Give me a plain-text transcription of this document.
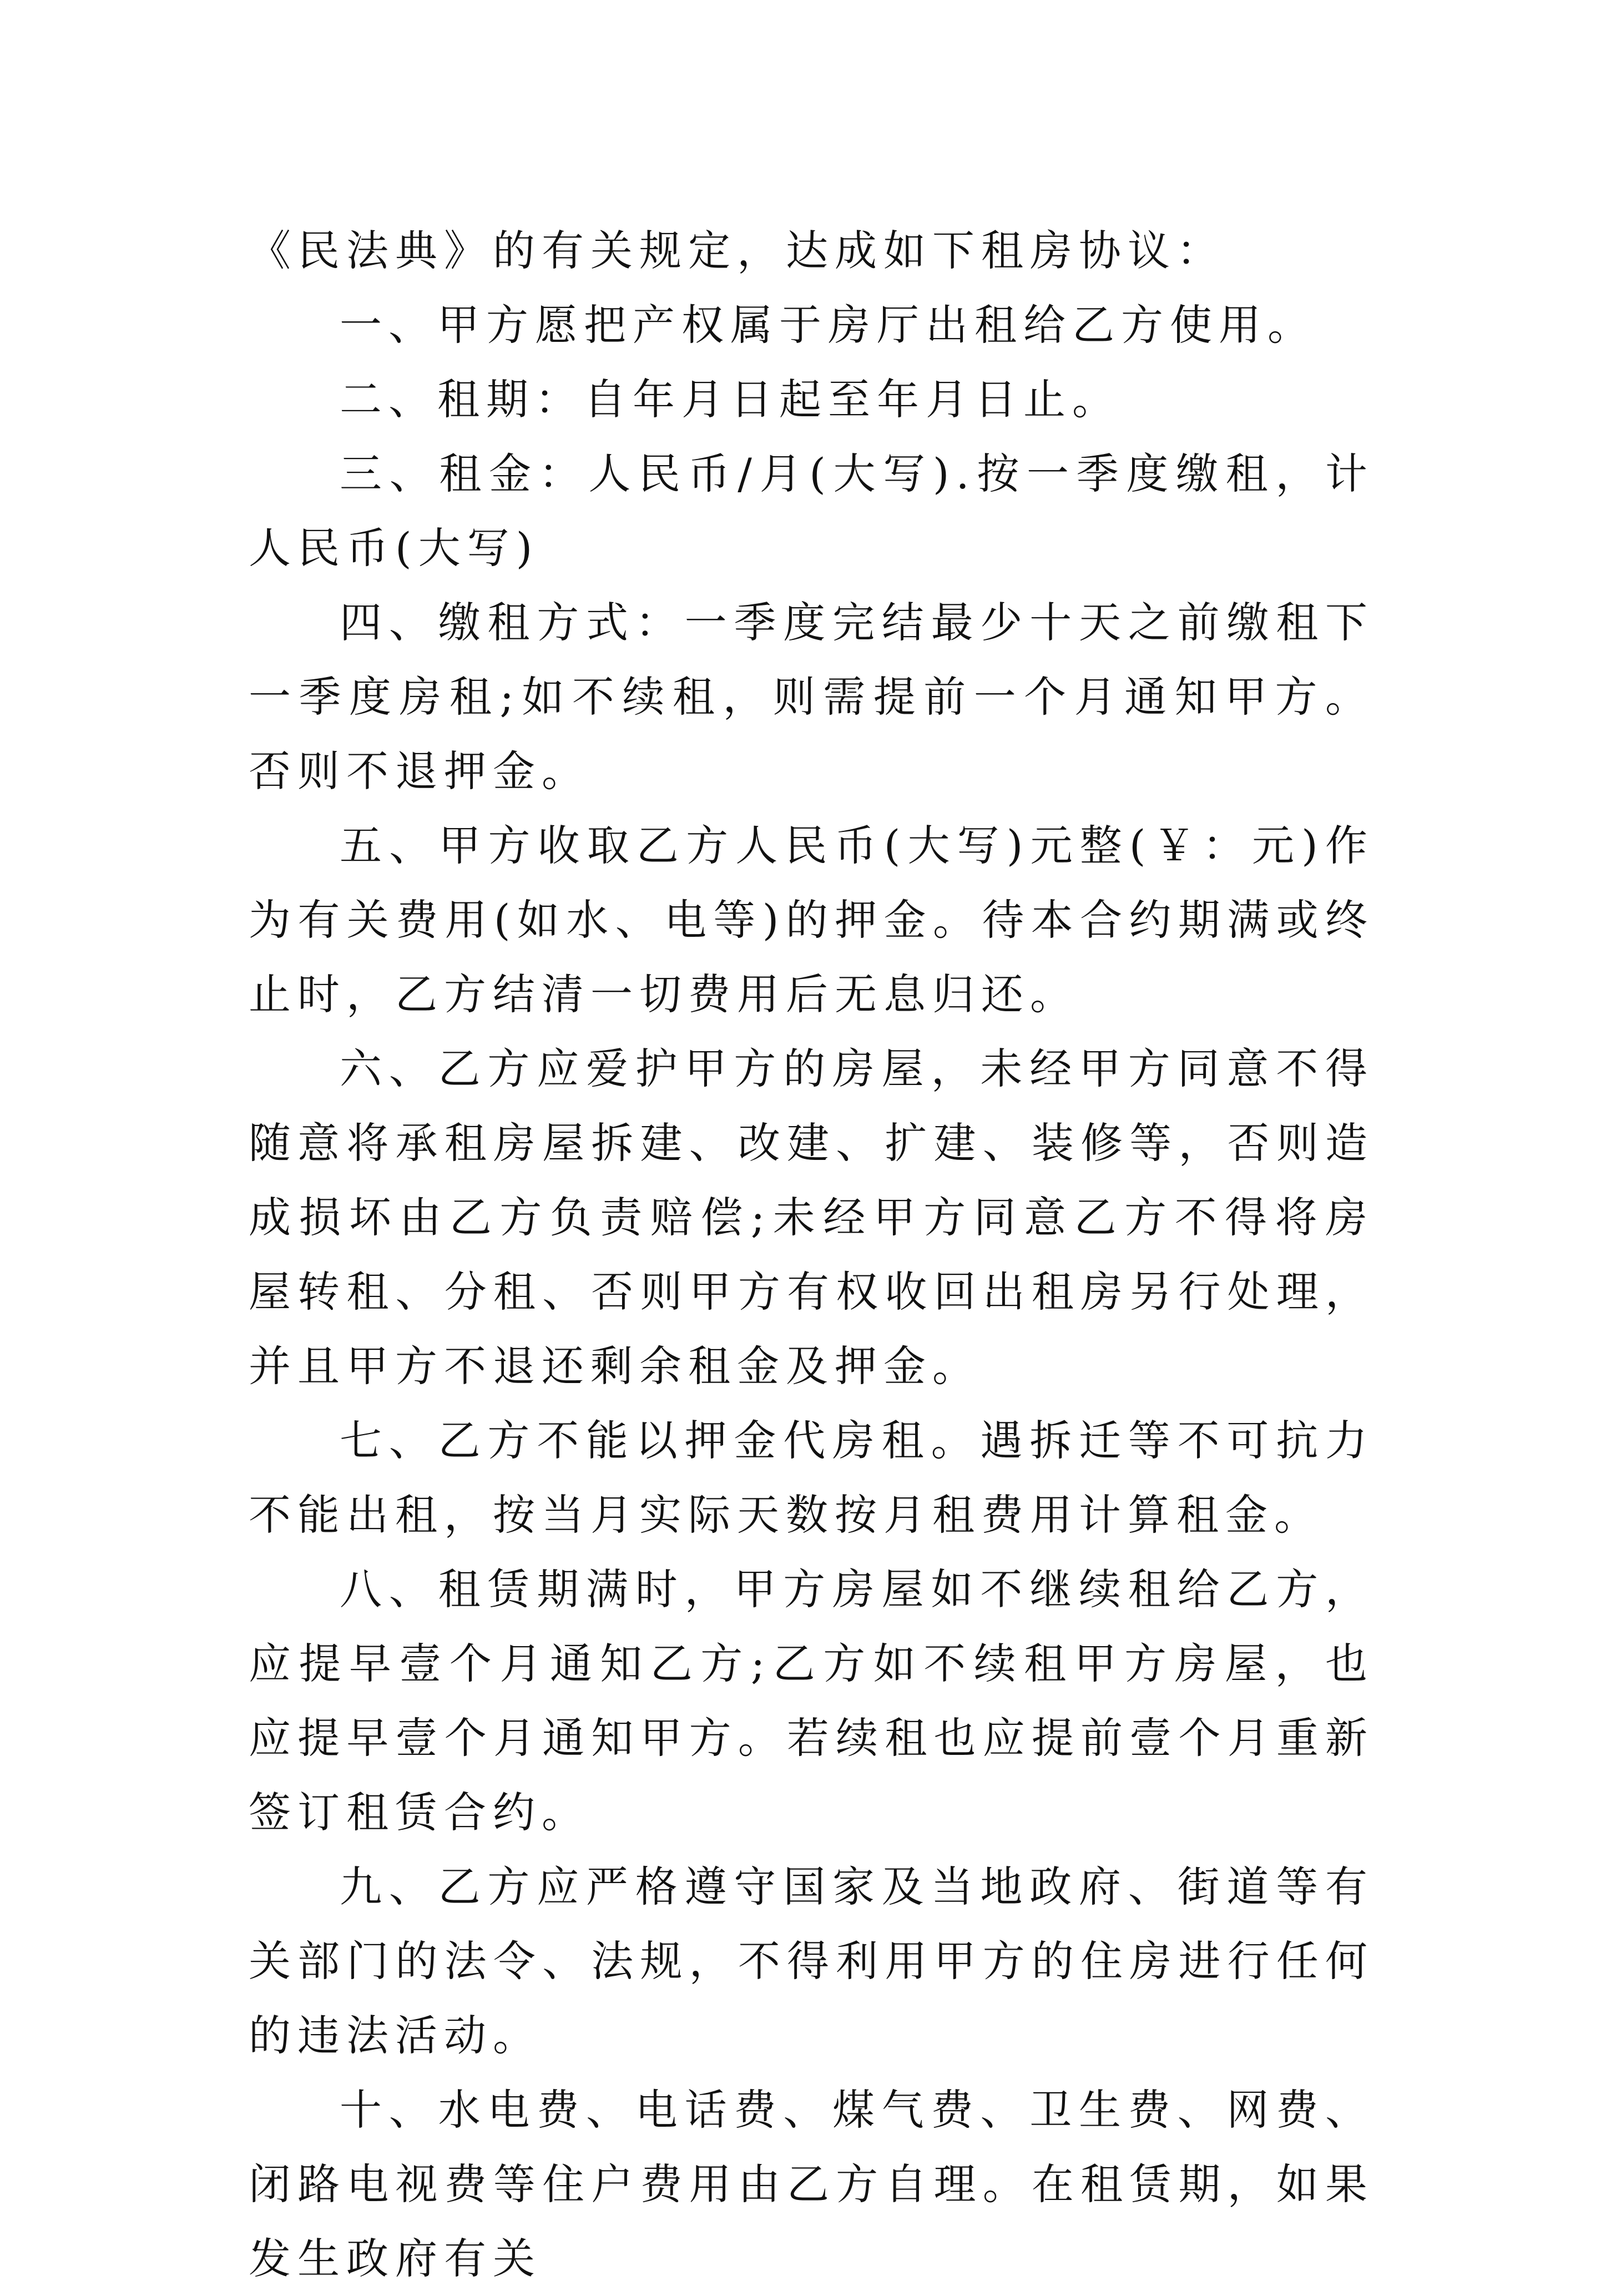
《民法典》的有关规定，达成如下租房协议：

一、甲方愿把产权属于房厅出租给乙方使用。

二、租期：自年月日起至年月日止。

三、租金：人民币/月(大写).按一季度缴租，计人民币(大写)

四、缴租方式：一季度完结最少十天之前缴租下一季度房租;如不续租，则需提前一个月通知甲方。否则不退押金。

五、甲方收取乙方人民币(大写)元整(￥：元)作为有关费用(如水、电等)的押金。待本合约期满或终止时，乙方结清一切费用后无息归还。

六、乙方应爱护甲方的房屋，未经甲方同意不得随意将承租房屋拆建、改建、扩建、装修等，否则造成损坏由乙方负责赔偿;未经甲方同意乙方不得将房屋转租、分租、否则甲方有权收回出租房另行处理，并且甲方不退还剩余租金及押金。

七、乙方不能以押金代房租。遇拆迁等不可抗力不能出租，按当月实际天数按月租费用计算租金。

八、租赁期满时，甲方房屋如不继续租给乙方，应提早壹个月通知乙方;乙方如不续租甲方房屋，也应提早壹个月通知甲方。若续租也应提前壹个月重新签订租赁合约。

九、乙方应严格遵守国家及当地政府、街道等有关部门的法令、法规，不得利用甲方的住房进行任何的违法活动。

十、水电费、电话费、煤气费、卫生费、网费、闭路电视费等住户费用由乙方自理。在租赁期，如果发生政府有关
